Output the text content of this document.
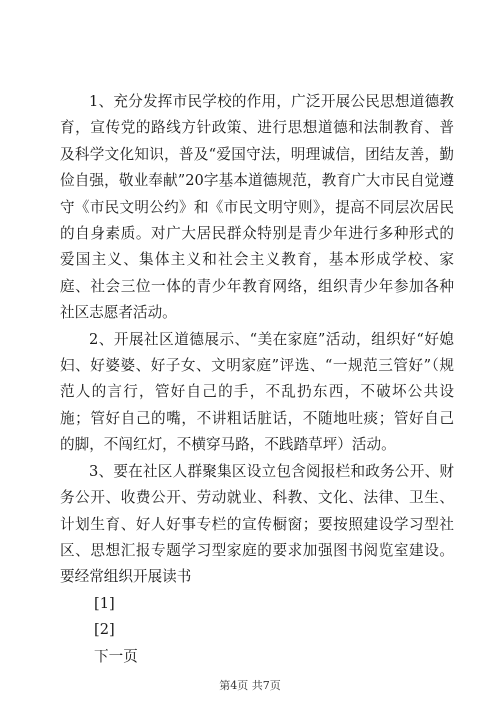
1、充分发挥市民学校的作用，广泛开展公民思想道德教育，宣传党的路线方针政策、进行思想道德和法制教育、普及科学文化知识，普及“爱国守法，明理诚信，团结友善，勤俭自强，敬业奉献”20字基本道德规范，教育广大市民自觉遵守《市民文明公约》和《市民文明守则》，提高不同层次居民的自身素质。对广大居民群众特别是青少年进行多种形式的爱国主义、集体主义和社会主义教育，基本形成学校、家庭、社会三位一体的青少年教育网络，组织青少年参加各种社区志愿者活动。

2、开展社区道德展示、“美在家庭”活动，组织好“好媳妇、好婆婆、好子女、文明家庭”评选、“一规范三管好”（规范人的言行，管好自己的手，不乱扔东西，不破坏公共设施；管好自己的嘴，不讲粗话脏话，不随地吐痰；管好自己的脚，不闯红灯，不横穿马路，不践踏草坪）活动。

3、要在社区人群聚集区设立包含阅报栏和政务公开、财务公开、收费公开、劳动就业、科教、文化、法律、卫生、计划生育、好人好事专栏的宣传橱窗；要按照建设学习型社区、思想汇报专题学习型家庭的要求加强图书阅览室建设。要经常组织开展读书

[1]

[2]

下一页

第4页 共7页
